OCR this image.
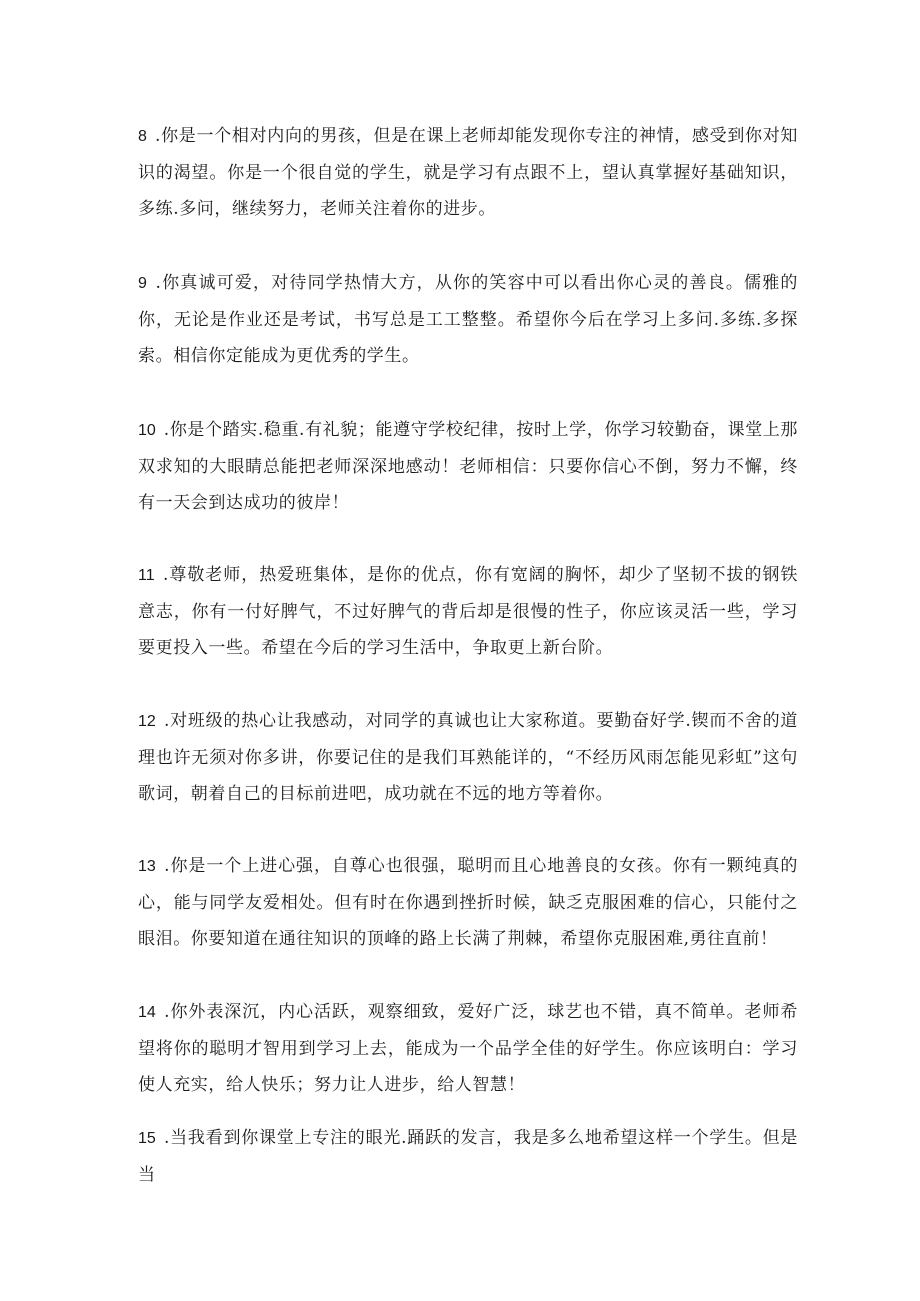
8 .你是一个相对内向的男孩，但是在课上老师却能发现你专注的神情，感受到你对知识的渴望。你是一个很自觉的学生，就是学习有点跟不上，望认真掌握好基础知识，多练.多问，继续努力，老师关注着你的进步。

9 .你真诚可爱，对待同学热情大方，从你的笑容中可以看出你心灵的善良。儒雅的你，无论是作业还是考试，书写总是工工整整。希望你今后在学习上多问.多练.多探索。相信你定能成为更优秀的学生。

10 .你是个踏实.稳重.有礼貌；能遵守学校纪律，按时上学，你学习较勤奋，课堂上那双求知的大眼睛总能把老师深深地感动！老师相信：只要你信心不倒，努力不懈，终有一天会到达成功的彼岸！

11 .尊敬老师，热爱班集体，是你的优点，你有宽阔的胸怀，却少了坚韧不拔的钢铁意志，你有一付好脾气，不过好脾气的背后却是很慢的性子，你应该灵活一些，学习要更投入一些。希望在今后的学习生活中，争取更上新台阶。

12 .对班级的热心让我感动，对同学的真诚也让大家称道。要勤奋好学.锲而不舍的道理也许无须对你多讲，你要记住的是我们耳熟能详的，“不经历风雨怎能见彩虹”这句歌词，朝着自己的目标前进吧，成功就在不远的地方等着你。

13 .你是一个上进心强，自尊心也很强，聪明而且心地善良的女孩。你有一颗纯真的心，能与同学友爱相处。但有时在你遇到挫折时候，缺乏克服困难的信心，只能付之眼泪。你要知道在通往知识的顶峰的路上长满了荆棘，希望你克服困难,勇往直前！

14 .你外表深沉，内心活跃，观察细致，爱好广泛，球艺也不错，真不简单。老师希望将你的聪明才智用到学习上去，能成为一个品学全佳的好学生。你应该明白：学习使人充实，给人快乐；努力让人进步，给人智慧！

15 .当我看到你课堂上专注的眼光.踊跃的发言，我是多么地希望这样一个学生。但是当
